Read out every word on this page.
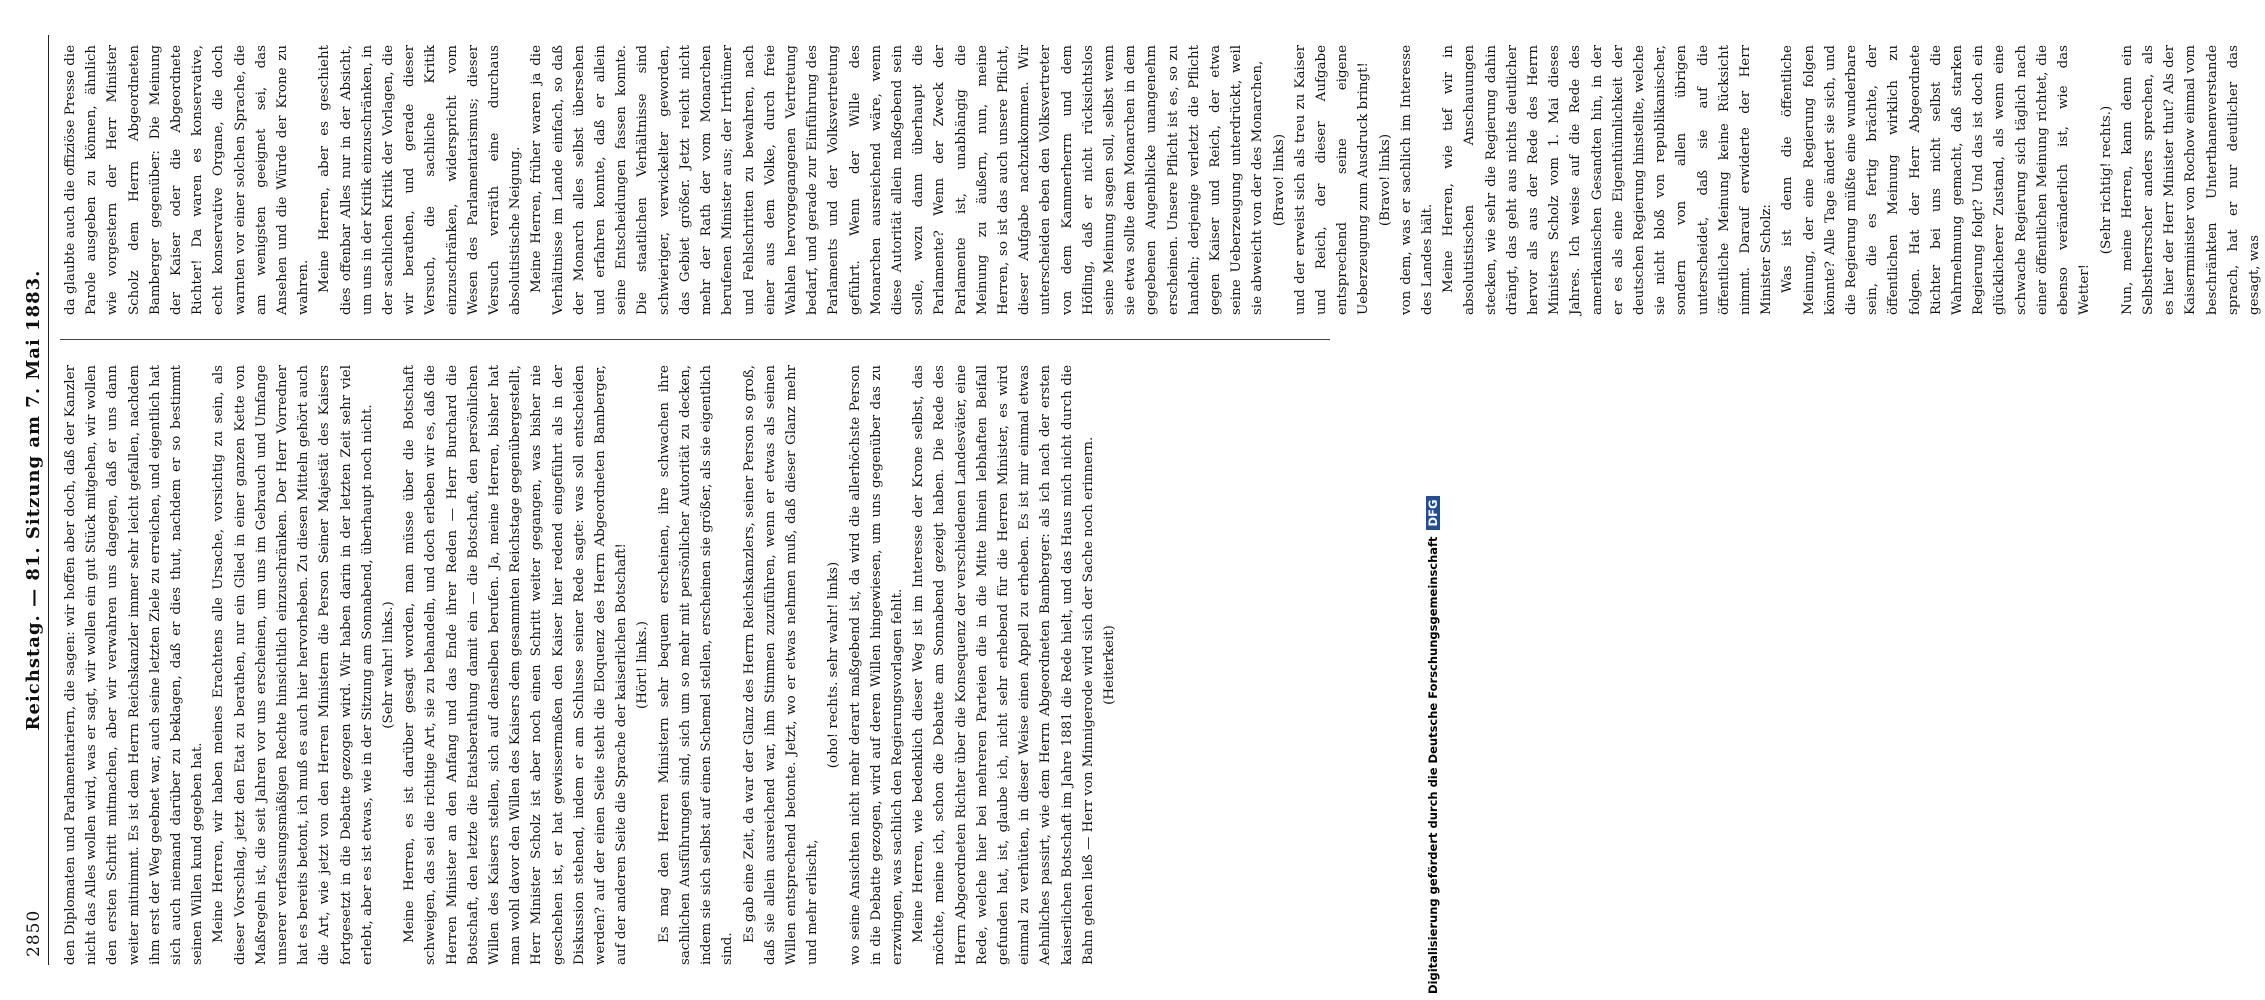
2850
Reichstag. — 81. Sitzung am 7. Mai 1883. den Diplomaten und Parlamentariern, die sagen: wir hoffen aber doch, daß der Kanzler nicht das Alles wollen wird, was er sagt, wir wollen ein gut Stück mitgehen, wir wollen den ersten Schritt mitmachen, aber wir verwahren uns dagegen, daß er uns dann weiter mitnimmt. Es ist dem Herrn Reichskanzler immer sehr leicht gefallen, nachdem ihm erst der Weg geebnet war, auch seine letzten Ziele zu erreichen, und eigentlich hat sich auch niemand darüber zu beklagen, daß er dies thut, nachdem er so bestimmt seinen Willen kund gegeben hat. Meine Herren, wir haben meines Erachtens alle Ursache, vorsichtig zu sein, als dieser Vorschlag, jetzt den Etat zu berathen, nur ein Glied in einer ganzen Kette von Maßregeln ist, die seit Jahren vor uns erscheinen, um uns im Gebrauch und Umfange unserer verfassungsmäßigen Rechte hinsichtlich einzuschränken. Der Herr Vorredner hat es bereits betont, ich muß es auch hier hervorheben. Zu diesen Mitteln gehört auch die Art, wie jetzt von den Herren Ministern die Person Seiner Majestät des Kaisers fortgesetzt in die Debatte gezogen wird. Wir haben darin in der letzten Zeit sehr viel erlebt, aber es ist etwas, wie in der Sitzung am Sonnabend, überhaupt noch nicht. (Sehr wahr! links.) Meine Herren, es ist darüber gesagt worden, man müsse über die Botschaft schweigen, das sei die richtige Art, sie zu behandeln, und doch erleben wir es, daß die Herren Minister an den Anfang und das Ende ihrer Reden — Herr Burchard die Botschaft, den letzte die Etatsberathung damit ein — die Botschaft, den persönlichen Willen des Kaisers stellen, sich auf denselben berufen. Ja, meine Herren, bisher hat man wohl davor den Willen des Kaisers dem gesammten Reichstage gegenübergestellt, Herr Minister Scholz ist aber noch einen Schritt weiter gegangen, was bisher nie geschehen ist, er hat gewissermaßen den Kaiser hier redend eingeführt als in der Diskussion stehend, indem er am Schlusse seiner Rede sagte: was soll entscheiden werden? auf der einen Seite steht die Eloquenz des Herrn Abgeordneten Bamberger, auf der anderen Seite die Sprache der kaiserlichen Botschaft! (Hört! links.) Es mag den Herren Ministern sehr bequem erscheinen, ihre schwachen ihre sachlichen Ausführungen sind, sich um so mehr mit persönlicher Autorität zu decken, indem sie sich selbst auf einen Schemel stellen, erscheinen sie größer, als sie eigentlich sind.

Es gab eine Zeit, da war der Glanz des Herrn Reichskanzlers, seiner Person so groß, daß sie allein ausreichend war, ihm Stimmen zuzuführen, wenn er etwas als seinen Willen entsprechend betonte. Jetzt, wo er etwas nehmen muß, daß dieser Glanz mehr und mehr erlischt,

(oho! rechts. sehr wahr! links) wo seine Ansichten nicht mehr derart maßgebend ist, da wird die allerhöchste Person in die Debatte gezogen, wird auf deren Willen hingewiesen, um uns gegenüber das zu erzwingen, was sachlich den Regierungsvorlagen fehlt. Meine Herren, wie bedenklich dieser Weg ist im Interesse der Krone selbst, das möchte, meine ich, schon die Debatte am Sonnabend gezeigt haben. Die Rede des Herrn Abgeordneten Richter über die Konsequenz der verschiedenen Landesväter, eine Rede, welche hier bei mehreren Parteien die in die Mitte hinein lebhaften Beifall gefunden hat, ist, glaube ich, nicht sehr erhebend für die Herren Minister, es wird einmal zu verhüten, in dieser Weise einen Appell zu erheben. Es ist mir einmal etwas Aehnliches passirt, wie dem Herrn Abgeordneten Bamberger: als ich nach der ersten kaiserlichen Botschaft im Jahre 1881 die Rede hielt, und das Haus mich nicht durch die Bahn gehen ließ — Herr von Minnigerode wird sich der Sache noch erinnern. (Heiterkeit)

da glaubte auch die offiziöse Presse die Parole ausgeben zu können, ähnlich wie vorgestern der Herr Minister Scholz dem Herrn Abgeordneten Bamberger gegenüber: Die Meinung der Kaiser oder die Abgeordnete Richter! Da waren es konservative, echt konservative Organe, die doch warnten vor einer solchen Sprache, die am wenigsten geeignet sei, das Ansehen und die Würde der Krone zu wahren. Meine Herren, aber es geschieht dies offenbar Alles nur in der Absicht, um uns in der Kritik einzuschränken, in der sachlichen Kritik der Vorlagen, die wir berathen, und gerade dieser Versuch, die sachliche Kritik einzuschränken, widerspricht vom Wesen des Parlamentarismus; dieser Versuch verräth eine durchaus absolutistische Neigung. Meine Herren, früher waren ja die Verhältnisse im Lande einfach, so daß der Monarch alles selbst übersehen und erfahren konnte, daß er allein seine Entscheidungen fassen konnte. Die staatlichen Verhältnisse sind schwieriger, verwickelter geworden, das Gebiet größer. Jetzt reicht nicht mehr der Rath der vom Monarchen berufenen Minister aus; der Irrthümer und Fehlschritten zu bewahren, nach einer aus dem Volke, durch freie Wahlen hervorgegangenen Vertretung bedarf, und gerade zur Einführung des Parlaments und der Volksvertretung geführt. Wenn der Wille des Monarchen ausreichend wäre, wenn diese Autorität allein maßgebend sein solle, wozu dann überhaupt die Parlamente? Wenn der Zweck der Parlamente ist, unabhängig die Meinung zu äußern, nun, meine Herren, so ist das auch unsere Pflicht, dieser Aufgabe nachzukommen. Wir unterscheiden eben den Volksvertreter von dem Kammerherrn und dem Höfling, daß er nicht rücksichtslos seine Meinung sagen soll, selbst wenn sie etwa sollte dem Monarchen in dem gegebenen Augenblicke unangenehm erscheinen. Unsere Pflicht ist es, so zu handeln; derjenige verletzt die Pflicht gegen Kaiser und Reich, der etwa seine Ueberzeugung unterdrückt, weil sie abweicht von der des Monarchen, (Bravo! links) und der erweist sich als treu zu Kaiser und Reich, der dieser Aufgabe entsprechend seine eigene Ueberzeugung zum Ausdruck bringt! (Bravo! links) von dem, was er sachlich im Interesse des Landes hält. Meine Herren, wie tief wir in absolutistischen Anschauungen stecken, wie sehr die Regierung dahin drängt, das geht aus nichts deutlicher hervor als aus der Rede des Herrn Ministers Scholz vom 1. Mai dieses Jahres. Ich weise auf die Rede des amerikanischen Gesandten hin, in der er es als eine Eigenthümlichkeit der deutschen Regierung hinstellte, welche sie nicht bloß von republikanischer, sondern von allen übrigen unterscheidet, daß sie auf die öffentliche Meinung keine Rücksicht nimmt. Darauf erwiderte der Herr Minister Scholz: Was ist denn die öffentliche Meinung, der eine Regierung folgen könnte? Alle Tage ändert sie sich, und die Regierung müßte eine wunderbare sein, die es fertig brächte, der öffentlichen Meinung wirklich zu folgen. Hat der Herr Abgeordnete Richter bei uns nicht selbst die Wahrnehmung gemacht, daß starken Regierung folgt? Und das ist doch ein glücklicherer Zustand, als wenn eine schwache Regierung sich täglich nach einer öffentlichen Meinung richtet, die ebenso veränderlich ist, wie das Wetter!

(Sehr richtig! rechts.) Nun, meine Herren, kann denn ein Selbstherrscher anders sprechen, als es hier der Herr Minister thut? Als der Kaiserminister von Rochow einmal vom beschränkten Unterthanenverstande sprach, hat er nur deutlicher das gesagt, was

Digitalisierung gefördert durch die Deutsche ForschungsgemeinschaftDFG
